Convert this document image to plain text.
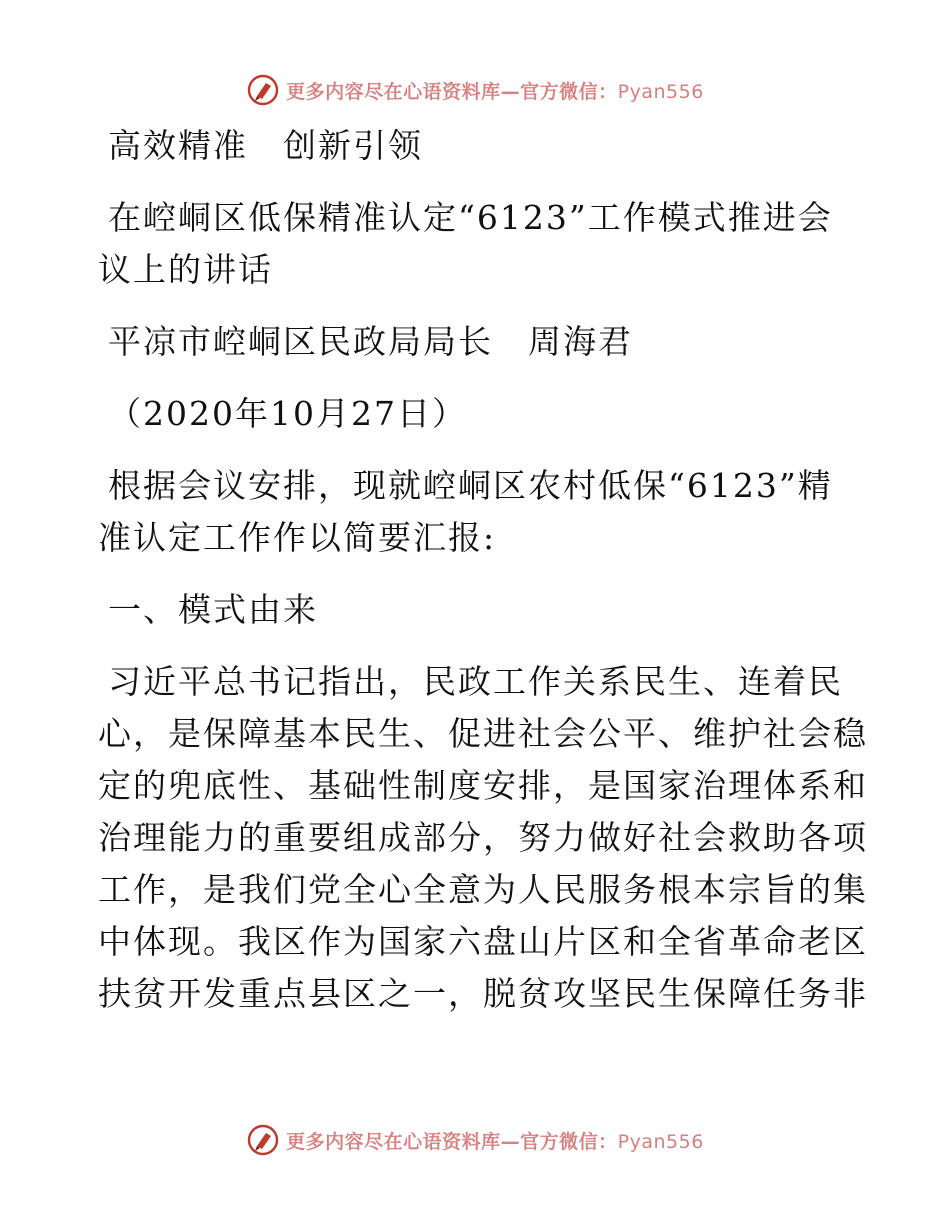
更多内容尽在心语资料库—官方微信：Pyan556
高效精准　创新引领
在崆峒区低保精准认定“6123”工作模式推进会
议上的讲话
平凉市崆峒区民政局局长　周海君
（2020年10月27日）
根据会议安排，现就崆峒区农村低保“6123”精
准认定工作作以简要汇报:
一、模式由来
习近平总书记指出，民政工作关系民生、连着民
心，是保障基本民生、促进社会公平、维护社会稳
定的兜底性、基础性制度安排，是国家治理体系和
治理能力的重要组成部分，努力做好社会救助各项
工作，是我们党全心全意为人民服务根本宗旨的集
中体现。我区作为国家六盘山片区和全省革命老区
扶贫开发重点县区之一，脱贫攻坚民生保障任务非
更多内容尽在心语资料库—官方微信：Pyan556
